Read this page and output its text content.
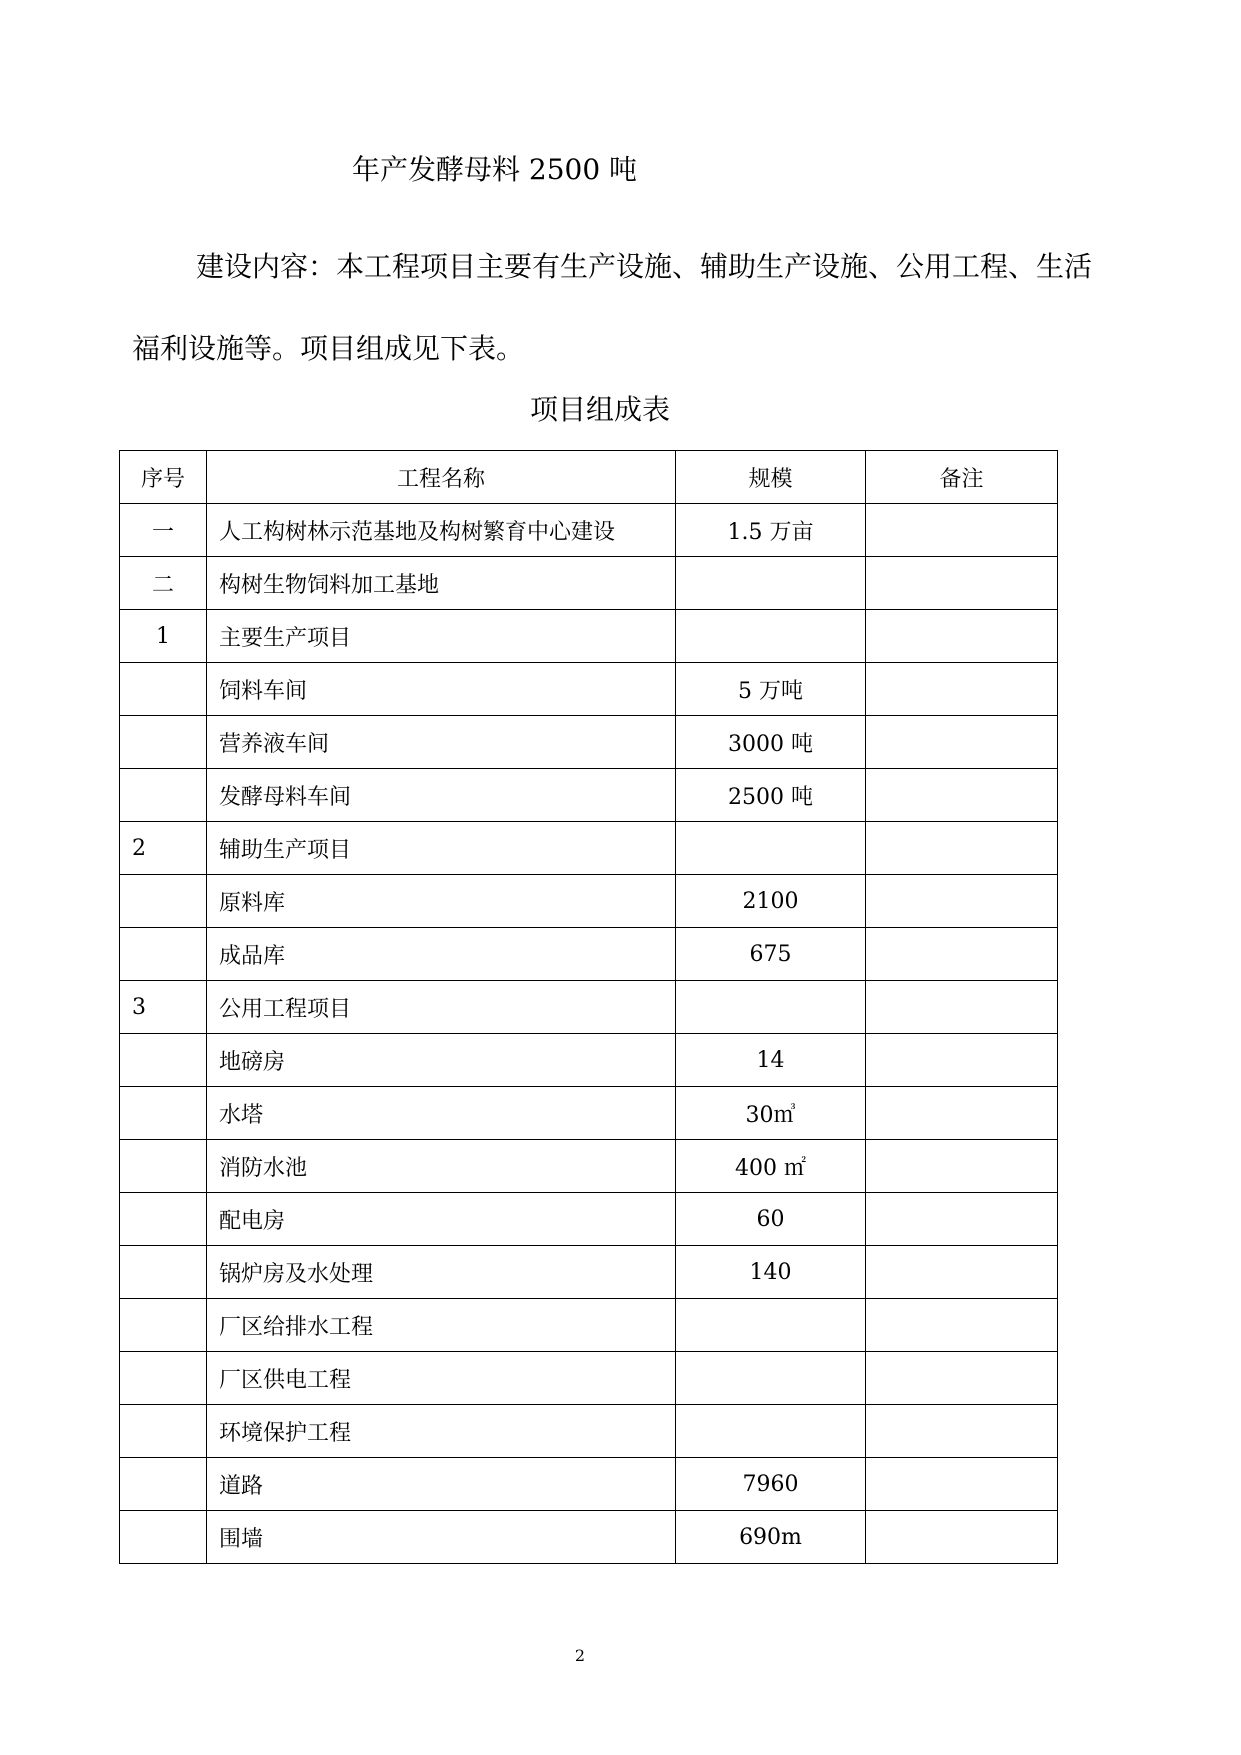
年产发酵母料 2500 吨
建设内容：本工程项目主要有生产设施、辅助生产设施、公用工程、生活福利设施等。项目组成见下表。
项目组成表
序号	工程名称	规模	备注
一	人工构树林示范基地及构树繁育中心建设	1.5 万亩	
二	构树生物饲料加工基地		
1	主要生产项目		
	饲料车间	5 万吨	
	营养液车间	3000 吨	
	发酵母料车间	2500 吨	
2	辅助生产项目		
	原料库	2100	
	成品库	675	
3	公用工程项目		
	地磅房	14	
	水塔	30㎥	
	消防水池	400 ㎡	
	配电房	60	
	锅炉房及水处理	140	
	厂区给排水工程		
	厂区供电工程		
	环境保护工程		
	道路	7960	
	围墙	690m	
2
